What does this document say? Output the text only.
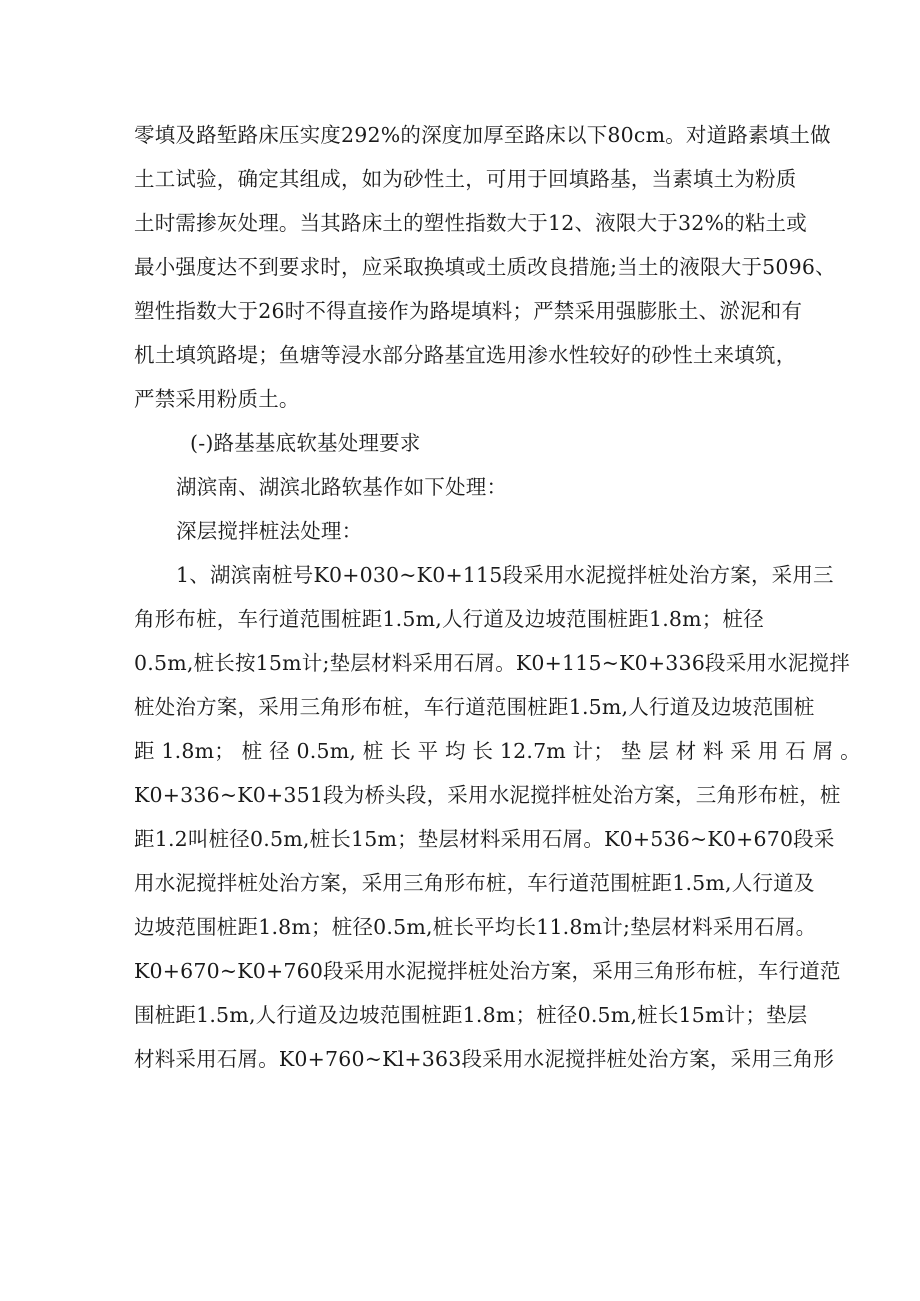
零填及路堑路床压实度292%的深度加厚至路床以下80cm。对道路素填土做
土工试验，确定其组成，如为砂性土，可用于回填路基，当素填土为粉质
土时需掺灰处理。当其路床土的塑性指数大于12、液限大于32%的粘土或
最小强度达不到要求时，应采取换填或土质改良措施;当土的液限大于5096、
塑性指数大于26时不得直接作为路堤填料；严禁采用强膨胀土、淤泥和有
机土填筑路堤；鱼塘等浸水部分路基宜选用渗水性较好的砂性土来填筑，
严禁采用粉质土。
(-)路基基底软基处理要求
湖滨南、湖滨北路软基作如下处理：
深层搅拌桩法处理：
1、湖滨南桩号K0+030~K0+115段采用水泥搅拌桩处治方案，采用三
角形布桩，车行道范围桩距1.5m,人行道及边坡范围桩距1.8m；桩径
0.5m,桩长按15m计;垫层材料采用石屑。K0+115~K0+336段采用水泥搅拌
桩处治方案，采用三角形布桩，车行道范围桩距1.5m,人行道及边坡范围桩
距 1.8m； 桩 径 0.5m, 桩 长 平 均 长 12.7m 计； 垫 层 材 料 采 用 石 屑 。
K0+336~K0+351段为桥头段，采用水泥搅拌桩处治方案，三角形布桩，桩
距1.2叫桩径0.5m,桩长15m；垫层材料采用石屑。K0+536~K0+670段采
用水泥搅拌桩处治方案，采用三角形布桩，车行道范围桩距1.5m,人行道及
边坡范围桩距1.8m；桩径0.5m,桩长平均长11.8m计;垫层材料采用石屑。
K0+670~K0+760段采用水泥搅拌桩处治方案，采用三角形布桩，车行道范
围桩距1.5m,人行道及边坡范围桩距1.8m；桩径0.5m,桩长15m计；垫层
材料采用石屑。K0+760~Kl+363段采用水泥搅拌桩处治方案，采用三角形
